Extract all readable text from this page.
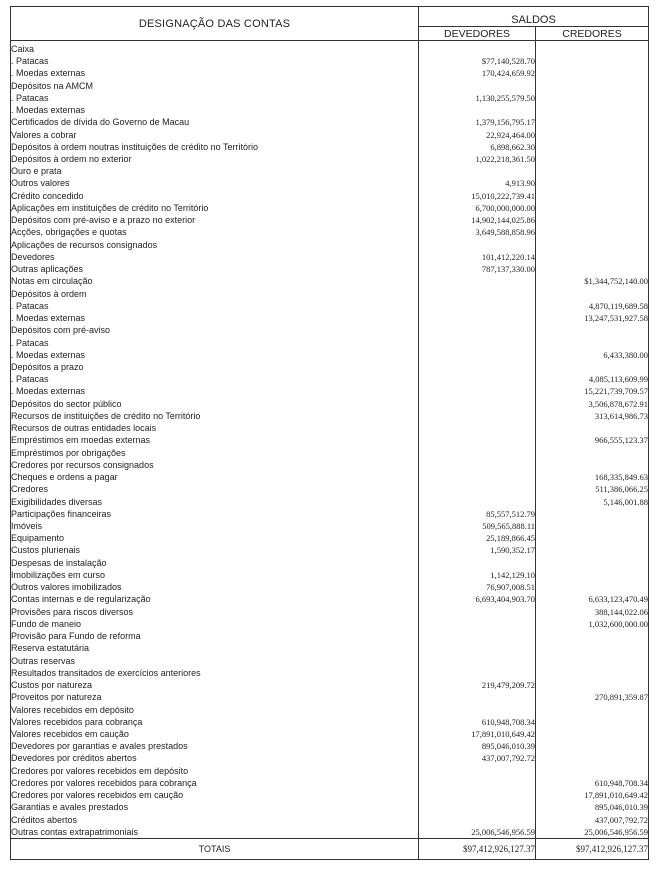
DESIGNAÇÃO DAS CONTAS	SALDOS	
	DEVEDORES	CREDORES
Caixa		
. Patacas	$77,140,528.70	
. Moedas externas	170,424,659.92	
Depósitos na AMCM		
. Patacas	1,130,255,579.50	
. Moedas externas		
Certificados de dívida do Governo de Macau	1,379,156,795.17	
Valores a cobrar	22,924,464.00	
Depósitos à ordem noutras instituições de crédito no Território	6,898,662.30	
Depósitos à ordem no exterior	1,022,218,361.50	
Ouro e prata		
Outros valores	4,913.90	
Crédito concedido	15,010,222,739.41	
Aplicações em instituições de crédito no Território	6,700,000,000.00	
Depósitos com pré-aviso e a prazo no exterior	14,902,144,025.86	
Acções, obrigações e quotas	3,649,588,858.96	
Aplicações de recursos consignados		
Devedores	101,412,220.14	
Outras aplicações	787,137,330.00	
Notas em circulação		$1,344,752,140.00
Depósitos à ordem		
. Patacas		4,870,119,689.58
. Moedas externas		13,247,531,927.58
Depósitos com pré-aviso		
. Patacas		
. Moedas externas		6,433,380.00
Depósitos a prazo		
. Patacas		4,085,113,609.99
. Moedas externas		15,221,739,709.57
Depósitos do sector público		3,506,878,672.91
Recursos de instituições de crédito no Território		313,614,986.73
Recursos de outras entidades locais		
Empréstimos em moedas externas		966,555,123.37
Empréstimos por obrigações		
Credores por recursos consignados		
Cheques e ordens a pagar		168,335,849.63
Credores		511,386,066.25
Exigibilidades diversas		5,146,001.88
Participações financeiras	85,557,512.79	
Imóveis	509,565,888.11	
Equipamento	25,189,866.45	
Custos plurienais	1,590,352.17	
Despesas de instalação		
Imobilizações em curso	1,142,129.10	
Outros valores imobilizados	76,907,008.51	
Contas internas e de regularização	6,693,404,903.70	6,633,123,470.49
Provisões para riscos diversos		388,144,022.06
Fundo de maneio		1,032,600,000.00
Provisão para Fundo de reforma		
Reserva estatutária		
Outras reservas		
Resultados transitados de exercícios anteriores		
Custos por natureza	219,479,209.72	
Proveitos por natureza		270,891,359.87
Valores recebidos em depósito		
Valores recebidos para cobrança	610,948,708.34	
Valores recebidos em caução	17,891,010,649.42	
Devedores por garantias e avales prestados	895,046,010.39	
Devedores por créditos abertos	437,007,792.72	
Credores por valores recebidos em depósito		
Credores por valores recebidos para cobrança		610,948,708.34
Credores por valores recebidos em caução		17,891,010,649.42
Garantias e avales prestados		895,046,010.39
Créditos abertos		437,007,792.72
Outras contas extrapatrimoniais	25,006,546,956.59	25,006,546,956.59
TOTAIS	$97,412,926,127.37	$97,412,926,127.37
